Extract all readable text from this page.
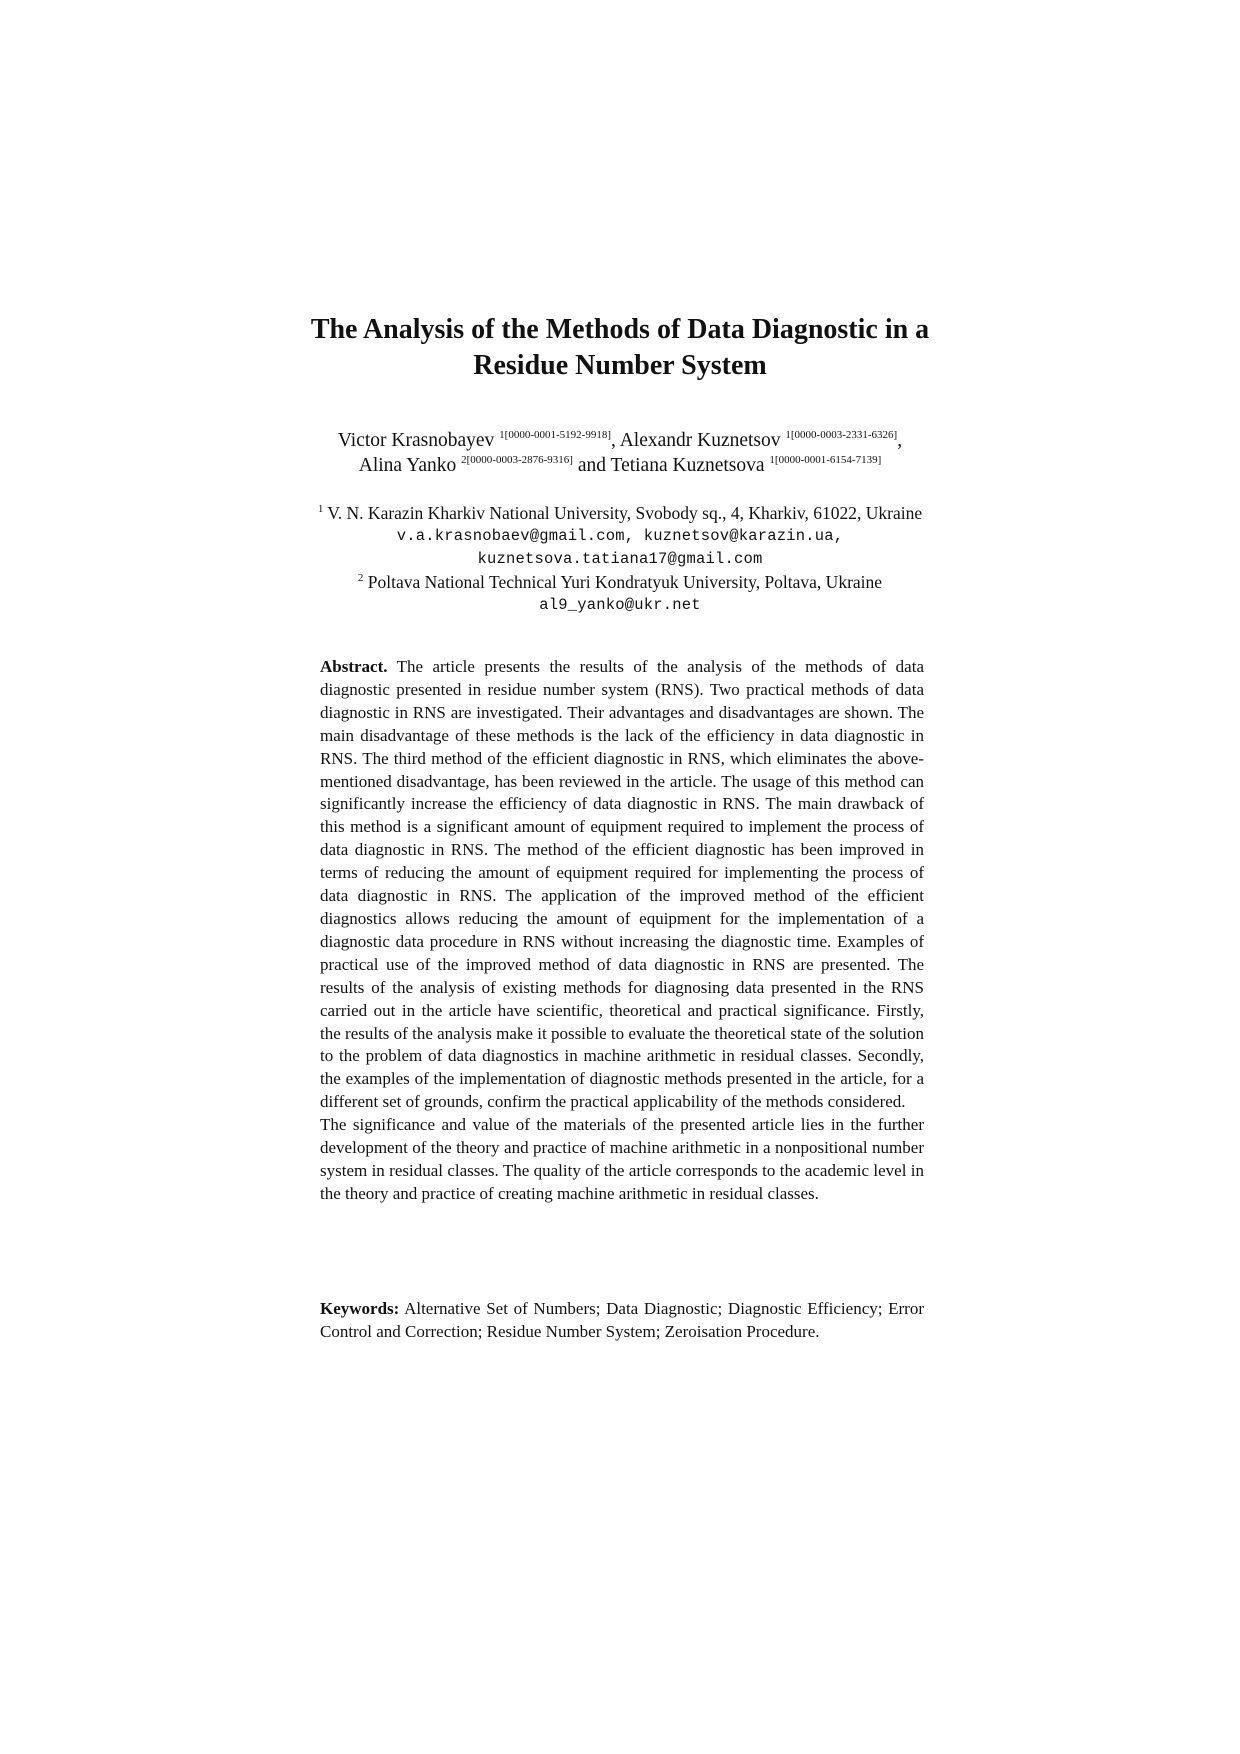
The Analysis of the Methods of Data Diagnostic in a
Residue Number System
Victor Krasnobayev $^{1[0000-0001-5192-9918]}$, Alexandr Kuznetsov $^{1[0000-0003-2331-6326]}$,
Alina Yanko $^{2[0000-0003-2876-9316]}$ and Tetiana Kuznetsova $^{1[0000-0001-6154-7139]}$
$^1$ V. N. Karazin Kharkiv National University, Svobody sq., 4, Kharkiv, 61022, Ukraine
v.a.krasnobaev@gmail.com, kuznetsov@karazin.ua,
kuznetsova.tatiana17@gmail.com
$^2$ Poltava National Technical Yuri Kondratyuk University, Poltava, Ukraine
al9_yanko@ukr.net

Abstract. The article presents the results of the analysis of the methods of data diagnostic presented in residue number system (RNS). Two practical methods of data diagnostic in RNS are investigated. Their advantages and disadvantages are shown. The main disadvantage of these methods is the lack of the efficiency in data diagnostic in RNS. The third method of the efficient diagnostic in RNS, which eliminates the above-mentioned disadvantage, has been reviewed in the article. The usage of this method can significantly increase the efficiency of data diagnostic in RNS. The main drawback of this method is a significant amount of equipment required to implement the process of data diagnostic in RNS. The method of the efficient diagnostic has been improved in terms of reducing the amount of equipment required for implementing the process of data diagnostic in RNS. The application of the improved method of the efficient diagnostics allows reducing the amount of equipment for the implementation of a diagnostic data procedure in RNS without increasing the diagnostic time. Examples of practical use of the improved method of data diagnostic in RNS are presented. The results of the analysis of existing methods for diagnosing data presented in the RNS carried out in the article have scientific, theoretical and practical significance. Firstly, the results of the analysis make it possible to evaluate the theoretical state of the solution to the problem of data diagnostics in machine arithmetic in residual classes. Secondly, the examples of the implementation of diagnostic methods presented in the article, for a different set of grounds, confirm the practical applicability of the methods considered.

The significance and value of the materials of the presented article lies in the further development of the theory and practice of machine arithmetic in a nonpositional number system in residual classes. The quality of the article corresponds to the academic level in the theory and practice of creating machine arithmetic in residual classes.

Keywords: Alternative Set of Numbers; Data Diagnostic; Diagnostic Efficiency; Error Control and Correction; Residue Number System; Zeroisation Procedure.
